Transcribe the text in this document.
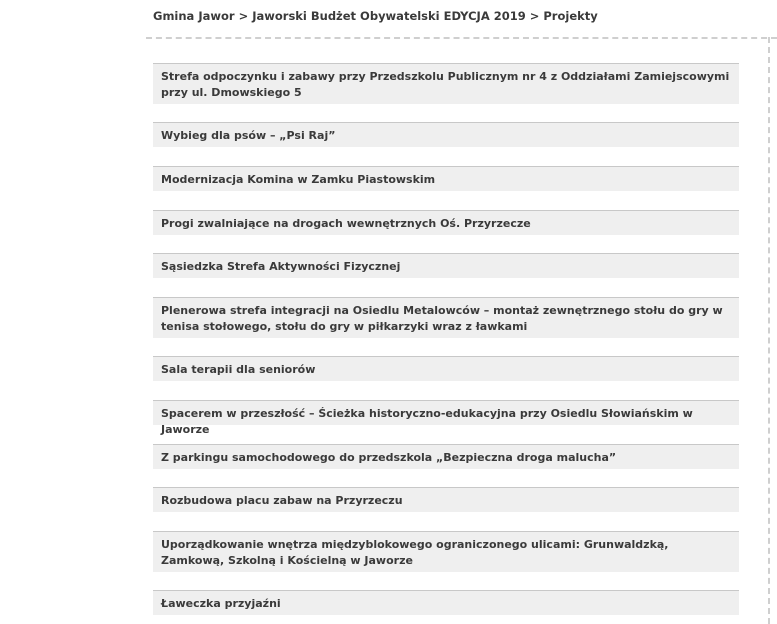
Gmina Jawor > Jaworski Budżet Obywatelski EDYCJA 2019 > Projekty
Strefa odpoczynku i zabawy przy Przedszkolu Publicznym nr 4 z Oddziałami Zamiejscowymi przy ul. Dmowskiego 5
Wybieg dla psów – „Psi Raj”
Modernizacja Komina w Zamku Piastowskim
Progi zwalniające na drogach wewnętrznych Oś. Przyrzecze
Sąsiedzka Strefa Aktywności Fizycznej
Plenerowa strefa integracji na Osiedlu Metalowców – montaż zewnętrznego stołu do gry w tenisa stołowego, stołu do gry w piłkarzyki wraz z ławkami
Sala terapii dla seniorów
Spacerem w przeszłość – Ścieżka historyczno-edukacyjna przy Osiedlu Słowiańskim w Jaworze
Z parkingu samochodowego do przedszkola „Bezpieczna droga malucha”
Rozbudowa placu zabaw na Przyrzeczu
Uporządkowanie wnętrza międzyblokowego ograniczonego ulicami: Grunwaldzką, Zamkową, Szkolną i Kościelną w Jaworze
Ławeczka przyjaźni
